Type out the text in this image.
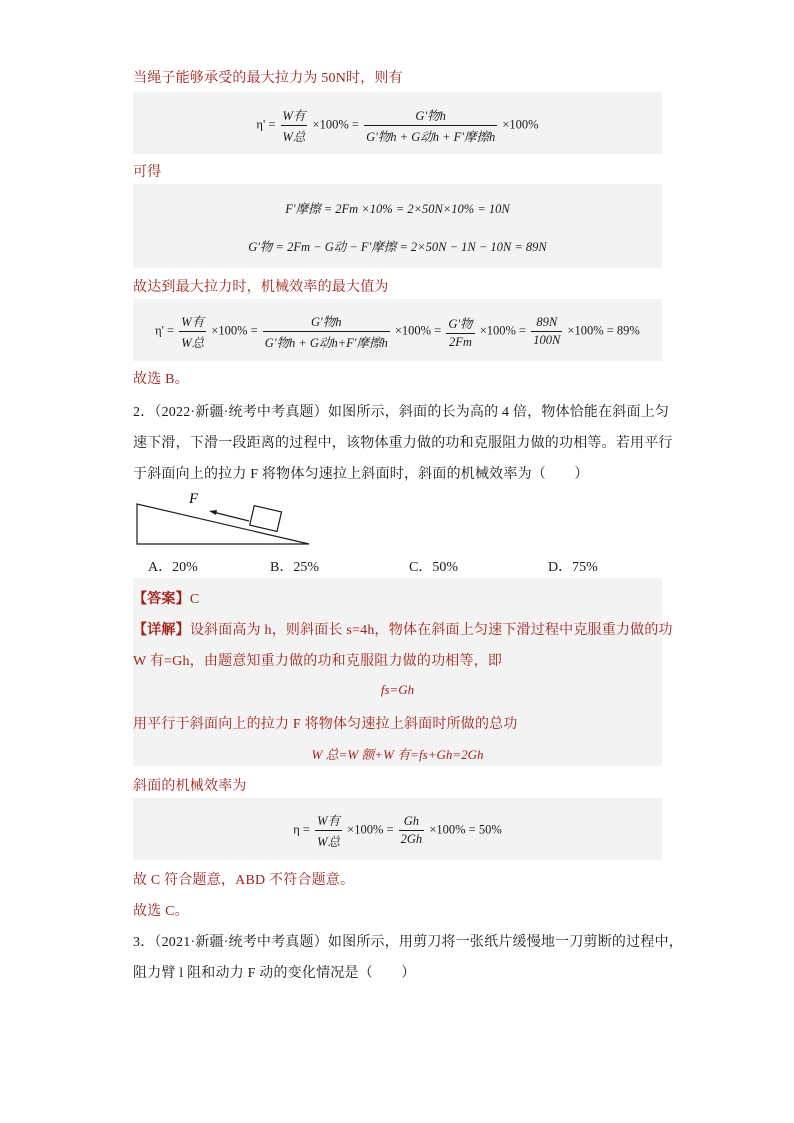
当绳子能够承受的最大拉力为 50N时，则有
$\eta' = \frac{\text{W有}}{\text{W总}} \times 100\% = \frac{\text{G'物h}}{\text{G'物h + G动h + F'摩擦h}} \times 100\%$
可得
F'摩擦 = 2Fm ×10% = 2×50N×10% = 10N
G'物 = 2Fm − G动 − F'摩擦 = 2×50N − 1N − 10N = 89N
故达到最大拉力时，机械效率的最大值为
$\eta' = \frac{\text{W有}}{\text{W总}} \times 100\% = \frac{\text{G'物h}}{\text{G'物h + G动h+F'摩擦h}} \times 100\% = \frac{\text{G'物}}{2Fm} \times 100\% = \frac{89N}{100N} \times 100\% = 89\%$
故选 B。
2．（2022·新疆·统考中考真题）如图所示，斜面的长为高的 4 倍，物体恰能在斜面上匀
速下滑，下滑一段距离的过程中，该物体重力做的功和克服阻力做的功相等。若用平行
于斜面向上的拉力 F 将物体匀速拉上斜面时，斜面的机械效率为（　　）
F
A．20%	B．25%	C．50%	D．75%
【答案】C
【详解】设斜面高为 h，则斜面长 s=4h，物体在斜面上匀速下滑过程中克服重力做的功
W 有=Gh，由题意知重力做的功和克服阻力做的功相等，即
fs=Gh
用平行于斜面向上的拉力 F 将物体匀速拉上斜面时所做的总功
W 总=W 额+W 有=fs+Gh=2Gh
斜面的机械效率为
$\eta = \frac{\text{W有}}{\text{W总}} \times 100\% = \frac{Gh}{2Gh} \times 100\% = 50\%$
故 C 符合题意，ABD 不符合题意。
故选 C。
3．（2021·新疆·统考中考真题）如图所示，用剪刀将一张纸片缓慢地一刀剪断的过程中，
阻力臂 l 阻和动力 F 动的变化情况是（　　）
